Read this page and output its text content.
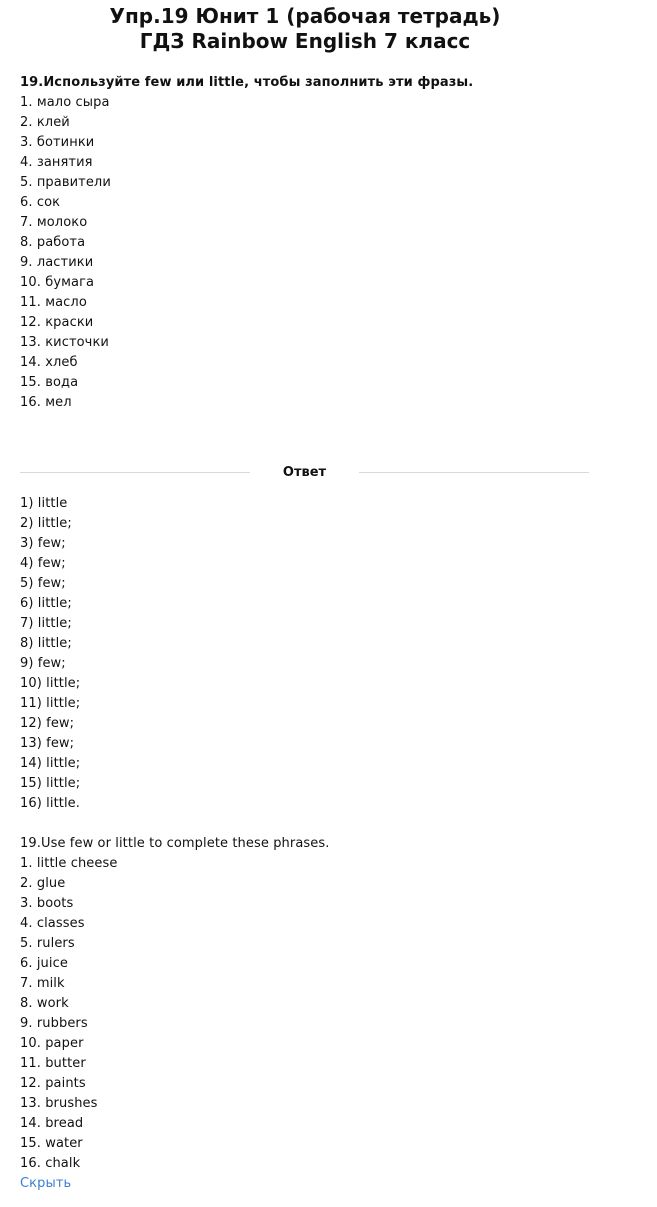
Упр.19 Юнит 1 (рабочая тетрадь)
ГДЗ Rainbow English 7 класс
19.Используйте few или little, чтобы заполнить эти фразы.
1. мало сыра
2. клей
3. ботинки
4. занятия
5. правители
6. сок
7. молоко
8. работа
9. ластики
10. бумага
11. масло
12. краски
13. кисточки
14. хлеб
15. вода
16. мел
Ответ
1) little
2) little;
3) few;
4) few;
5) few;
6) little;
7) little;
8) little;
9) few;
10) little;
11) little;
12) few;
13) few;
14) little;
15) little;
16) little.
19.Use few or little to complete these phrases.
1. little cheese
2. glue
3. boots
4. classes
5. rulers
6. juice
7. milk
8. work
9. rubbers
10. paper
11. butter
12. paints
13. brushes
14. bread
15. water
16. chalk
Скрыть
